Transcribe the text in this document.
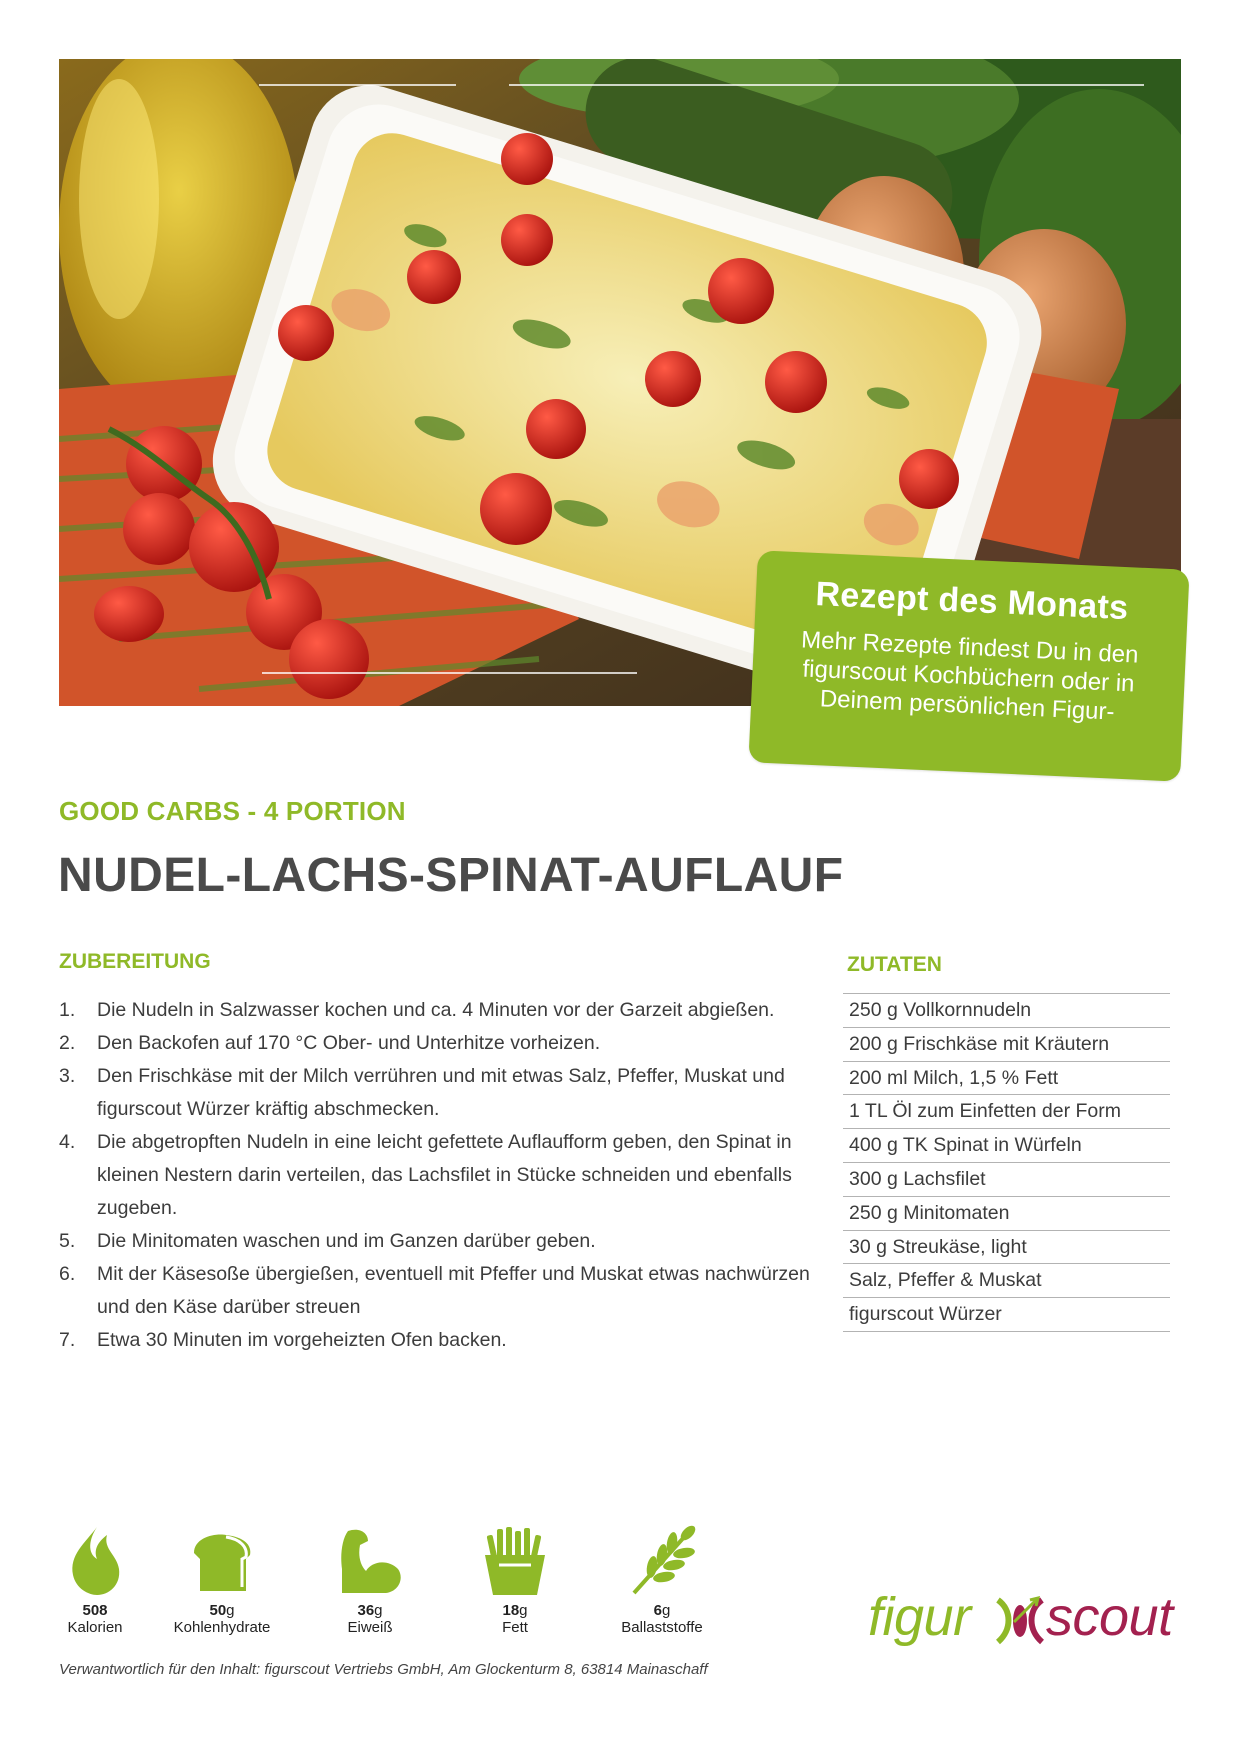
Rezept des Monats
Mehr Rezepte findest Du in den figurscout Kochbüchern oder in Deinem persönlichen Figur-
GOOD CARBS - 4 PORTION
NUDEL-LACHS-SPINAT-AUFLAUF
ZUBEREITUNG
1.	Die Nudeln in Salzwasser kochen und ca. 4 Minuten vor der Garzeit abgießen.
2.	Den Backofen auf 170 °C Ober- und Unterhitze vorheizen.
3.	Den Frischkäse mit der Milch verrühren und mit etwas Salz, Pfeffer, Muskat und figurscout Würzer kräftig abschmecken.
4.	Die abgetropften Nudeln in eine leicht gefettete Auflaufform geben, den Spinat in kleinen Nestern darin verteilen, das Lachsfilet in Stücke schneiden und ebenfalls zugeben.
5.	Die Minitomaten waschen und im Ganzen darüber geben.
6.	Mit der Käsesoße übergießen, eventuell mit Pfeffer und Muskat etwas nachwürzen und den Käse darüber streuen
7.	Etwa 30 Minuten im vorgeheizten Ofen backen.
ZUTATEN
250 g Vollkornnudeln
200 g Frischkäse mit Kräutern
200 ml Milch, 1,5 % Fett
1 TL Öl zum Einfetten der Form
400 g TK Spinat in Würfeln
300 g Lachsfilet
250 g Minitomaten
30 g Streukäse, light
Salz, Pfeffer & Muskat
figurscout Würzer
508
Kalorien
50g
Kohlenhydrate
36g
Eiweiß
18g
Fett
6g
Ballaststoffe	figur scout
Verwantwortlich für den Inhalt: figurscout Vertriebs GmbH, Am Glockenturm 8, 63814 Mainaschaff
